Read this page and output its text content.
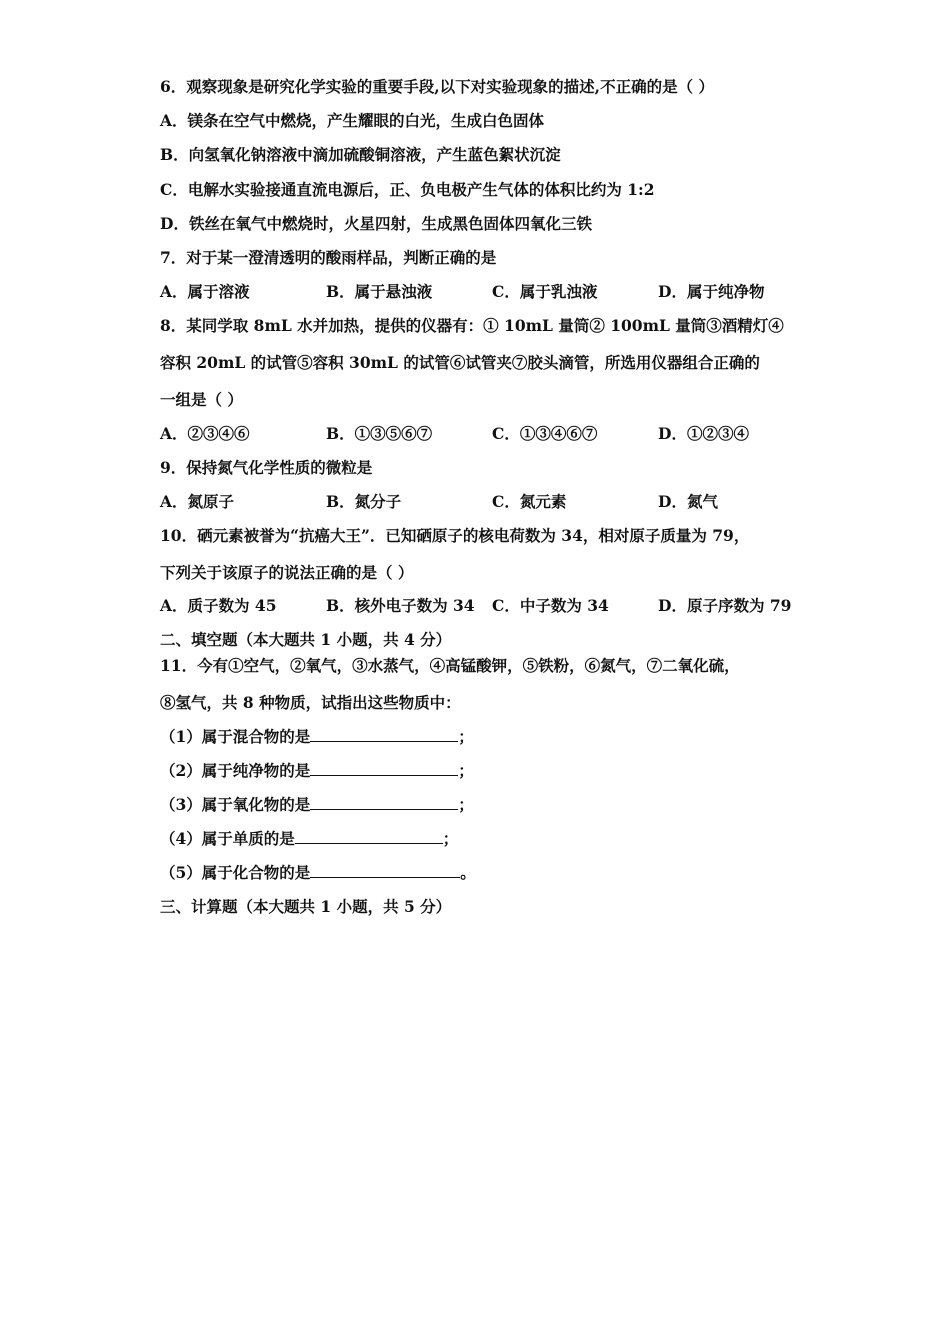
6．观察现象是研究化学实验的重要手段,以下对实验现象的描述,不正确的是（ ）
A．镁条在空气中燃烧，产生耀眼的白光，生成白色固体
B．向氢氧化钠溶液中滴加硫酸铜溶液，产生蓝色絮状沉淀
C．电解水实验接通直流电源后，正、负电极产生气体的体积比约为 1:2
D．铁丝在氧气中燃烧时，火星四射，生成黑色固体四氧化三铁
7．对于某一澄清透明的酸雨样品，判断正确的是
A．属于溶液	B．属于悬浊液	C．属于乳浊液	D．属于纯净物
8．某同学取 8mL 水并加热，提供的仪器有：① 10mL 量筒② 100mL 量筒③酒精灯④
容积 20mL 的试管⑤容积 30mL 的试管⑥试管夹⑦胶头滴管，所选用仪器组合正确的
一组是（ ）
A．②③④⑥	B．①③⑤⑥⑦	C．①③④⑥⑦	D．①②③④
9．保持氮气化学性质的微粒是
A．氮原子	B．氮分子	C．氮元素	D．氮气
10．硒元素被誉为“抗癌大王”．已知硒原子的核电荷数为 34，相对原子质量为 79，
下列关于该原子的说法正确的是（ ）
A．质子数为 45	B．核外电子数为 34 C．中子数为 34	D．原子序数为 79
二、填空题（本大题共 1 小题，共 4 分）
11．今有①空气，②氧气，③水蒸气，④高锰酸钾，⑤铁粉，⑥氮气，⑦二氧化硫，
⑧氢气，共 8 种物质，试指出这些物质中：
（1）属于混合物的是	；
（2）属于纯净物的是	；
（3）属于氧化物的是	；
（4）属于单质的是	；
（5）属于化合物的是	。
三、计算题（本大题共 1 小题，共 5 分）
